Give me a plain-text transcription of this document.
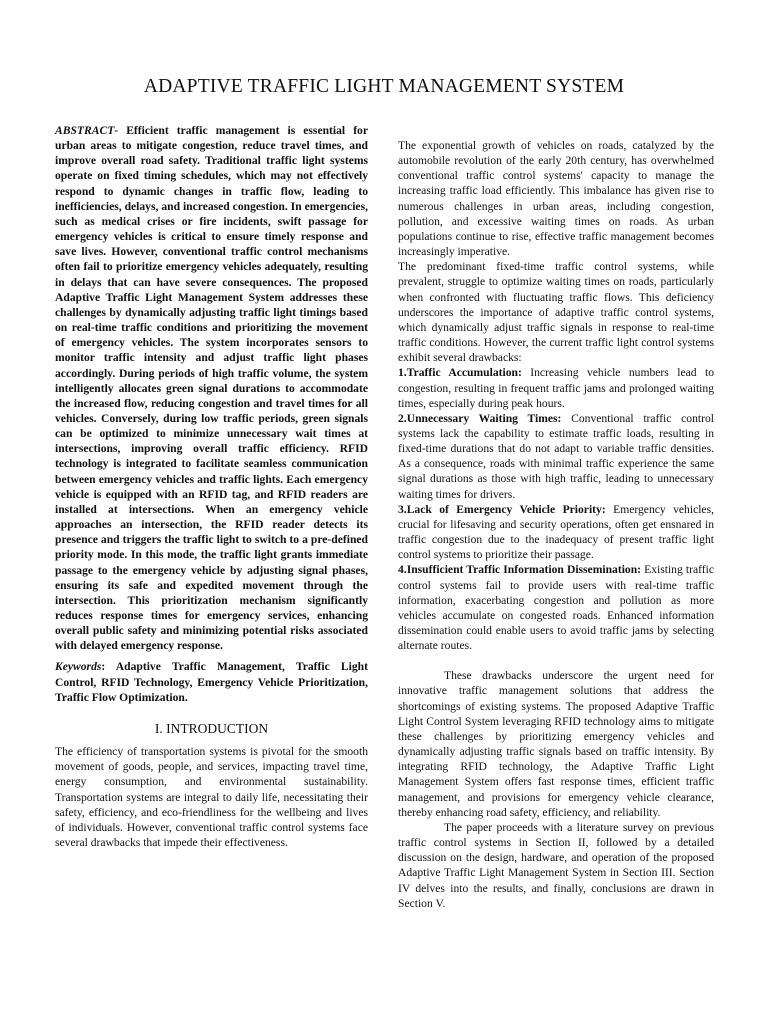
ADAPTIVE TRAFFIC LIGHT MANAGEMENT SYSTEM

ABSTRACT- Efficient traffic management is essential for urban areas to mitigate congestion, reduce travel times, and improve overall road safety. Traditional traffic light systems operate on fixed timing schedules, which may not effectively respond to dynamic changes in traffic flow, leading to inefficiencies, delays, and increased congestion. In emergencies, such as medical crises or fire incidents, swift passage for emergency vehicles is critical to ensure timely response and save lives. However, conventional traffic control mechanisms often fail to prioritize emergency vehicles adequately, resulting in delays that can have severe consequences. The proposed Adaptive Traffic Light Management System addresses these challenges by dynamically adjusting traffic light timings based on real-time traffic conditions and prioritizing the movement of emergency vehicles. The system incorporates sensors to monitor traffic intensity and adjust traffic light phases accordingly. During periods of high traffic volume, the system intelligently allocates green signal durations to accommodate the increased flow, reducing congestion and travel times for all vehicles. Conversely, during low traffic periods, green signals can be optimized to minimize unnecessary wait times at intersections, improving overall traffic efficiency. RFID technology is integrated to facilitate seamless communication between emergency vehicles and traffic lights. Each emergency vehicle is equipped with an RFID tag, and RFID readers are installed at intersections. When an emergency vehicle approaches an intersection, the RFID reader detects its presence and triggers the traffic light to switch to a pre-defined priority mode. In this mode, the traffic light grants immediate passage to the emergency vehicle by adjusting signal phases, ensuring its safe and expedited movement through the intersection. This prioritization mechanism significantly reduces response times for emergency services, enhancing overall public safety and minimizing potential risks associated with delayed emergency response.

Keywords: Adaptive Traffic Management, Traffic Light Control, RFID Technology, Emergency Vehicle Prioritization, Traffic Flow Optimization.

I. INTRODUCTION

The efficiency of transportation systems is pivotal for the smooth movement of goods, people, and services, impacting travel time, energy consumption, and environmental sustainability. Transportation systems are integral to daily life, necessitating their safety, efficiency, and eco-friendliness for the wellbeing and lives of individuals. However, conventional traffic control systems face several drawbacks that impede their effectiveness.

The exponential growth of vehicles on roads, catalyzed by the automobile revolution of the early 20th century, has overwhelmed conventional traffic control systems' capacity to manage the increasing traffic load efficiently. This imbalance has given rise to numerous challenges in urban areas, including congestion, pollution, and excessive waiting times on roads. As urban populations continue to rise, effective traffic management becomes increasingly imperative.

The predominant fixed-time traffic control systems, while prevalent, struggle to optimize waiting times on roads, particularly when confronted with fluctuating traffic flows. This deficiency underscores the importance of adaptive traffic control systems, which dynamically adjust traffic signals in response to real-time traffic conditions. However, the current traffic light control systems exhibit several drawbacks:

1.Traffic Accumulation: Increasing vehicle numbers lead to congestion, resulting in frequent traffic jams and prolonged waiting times, especially during peak hours.

2.Unnecessary Waiting Times: Conventional traffic control systems lack the capability to estimate traffic loads, resulting in fixed-time durations that do not adapt to variable traffic densities. As a consequence, roads with minimal traffic experience the same signal durations as those with high traffic, leading to unnecessary waiting times for drivers.

3.Lack of Emergency Vehicle Priority: Emergency vehicles, crucial for lifesaving and security operations, often get ensnared in traffic congestion due to the inadequacy of present traffic light control systems to prioritize their passage.

4.Insufficient Traffic Information Dissemination: Existing traffic control systems fail to provide users with real-time traffic information, exacerbating congestion and pollution as more vehicles accumulate on congested roads. Enhanced information dissemination could enable users to avoid traffic jams by selecting alternate routes.

These drawbacks underscore the urgent need for innovative traffic management solutions that address the shortcomings of existing systems. The proposed Adaptive Traffic Light Control System leveraging RFID technology aims to mitigate these challenges by prioritizing emergency vehicles and dynamically adjusting traffic signals based on traffic intensity. By integrating RFID technology, the Adaptive Traffic Light Management System offers fast response times, efficient traffic management, and provisions for emergency vehicle clearance, thereby enhancing road safety, efficiency, and reliability.

The paper proceeds with a literature survey on previous traffic control systems in Section II, followed by a detailed discussion on the design, hardware, and operation of the proposed Adaptive Traffic Light Management System in Section III. Section IV delves into the results, and finally, conclusions are drawn in Section V.
